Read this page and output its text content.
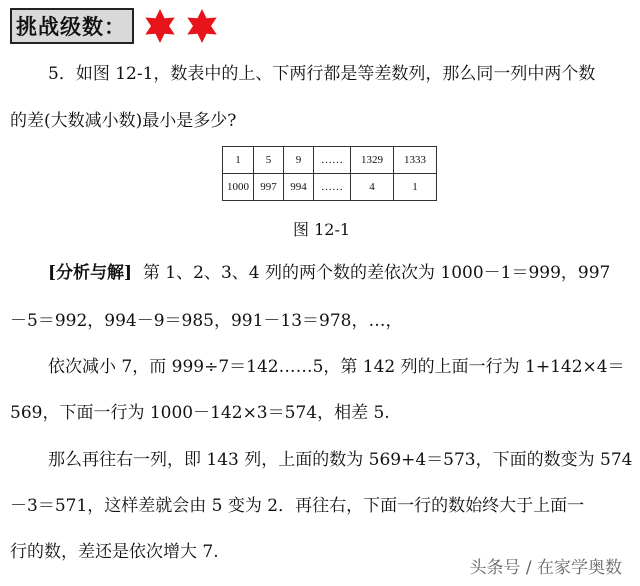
挑战级数：
5．如图 12-1，数表中的上、下两行都是等差数列，那么同一列中两个数
的差(大数减小数)最小是多少?
1	5	9	……	1329	1333
1000	997	994	……	4	1
图 12-1
[分析与解] 第 1、2、3、4 列的两个数的差依次为 1000－1＝999，997
－5＝992，994－9＝985，991－13＝978，…，
依次减小 7，而 999÷7＝142……5，第 142 列的上面一行为 1+142×4＝
569，下面一行为 1000－142×3＝574，相差 5.
那么再往右一列，即 143 列，上面的数为 569+4＝573，下面的数变为 574
－3＝571，这样差就会由 5 变为 2．再往右，下面一行的数始终大于上面一
行的数，差还是依次增大 7.
头条号 / 在家学奥数
